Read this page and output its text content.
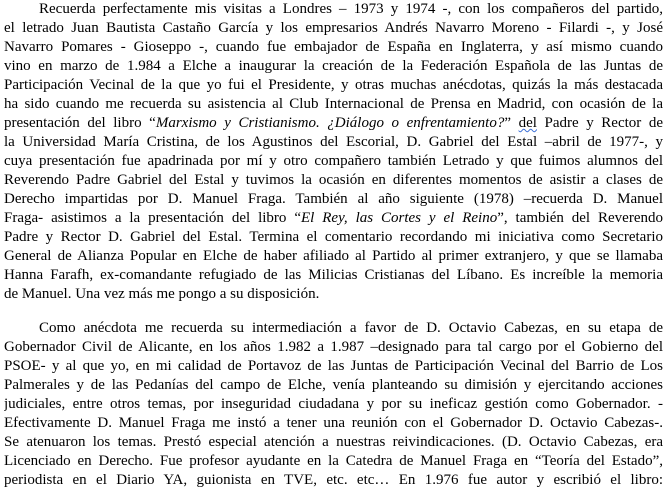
Recuerda perfectamente mis visitas a Londres – 1973 y 1974 -, con los compañeros del partido,
el letrado Juan Bautista Castaño García y los empresarios Andrés Navarro Moreno - Filardi -, y José
Navarro Pomares - Gioseppo -, cuando fue embajador de España en Inglaterra, y así mismo cuando
vino en marzo de 1.984 a Elche a inaugurar la creación de la Federación Española de las Juntas de
Participación Vecinal de la que yo fui el Presidente, y otras muchas anécdotas, quizás la más destacada
ha sido cuando me recuerda su asistencia al Club Internacional de Prensa en Madrid, con ocasión de la
presentación del libro “Marxismo y Cristianismo. ¿Diálogo o enfrentamiento?” del Padre y Rector de
la Universidad María Cristina, de los Agustinos del Escorial, D. Gabriel del Estal –abril de 1977-, y
cuya presentación fue apadrinada por mí y otro compañero también Letrado y que fuimos alumnos del
Reverendo Padre Gabriel del Estal y tuvimos la ocasión en diferentes momentos de asistir a clases de
Derecho impartidas por D. Manuel Fraga. También al año siguiente (1978) –recuerda D. Manuel
Fraga- asistimos a la presentación del libro “El Rey, las Cortes y el Reino”, también del Reverendo
Padre y Rector D. Gabriel del Estal. Termina el comentario recordando mi iniciativa como Secretario
General de Alianza Popular en Elche de haber afiliado al Partido al primer extranjero, y que se llamaba
Hanna Farafh, ex-comandante refugiado de las Milicias Cristianas del Líbano. Es increíble la memoria
de Manuel. Una vez más me pongo a su disposición.
Como anécdota me recuerda su intermediación a favor de D. Octavio Cabezas, en su etapa de
Gobernador Civil de Alicante, en los años 1.982 a 1.987 –designado para tal cargo por el Gobierno del
PSOE- y al que yo, en mi calidad de Portavoz de las Juntas de Participación Vecinal del Barrio de Los
Palmerales y de las Pedanías del campo de Elche, venía planteando su dimisión y ejercitando acciones
judiciales, entre otros temas, por inseguridad ciudadana y por su ineficaz gestión como Gobernador. -
Efectivamente D. Manuel Fraga me instó a tener una reunión con el Gobernador D. Octavio Cabezas-.
Se atenuaron los temas. Prestó especial atención a nuestras reivindicaciones. (D. Octavio Cabezas, era
Licenciado en Derecho. Fue profesor ayudante en la Catedra de Manuel Fraga en “Teoría del Estado”,
periodista en el Diario YA, guionista en TVE, etc. etc… En 1.976 fue autor y escribió el libro:
